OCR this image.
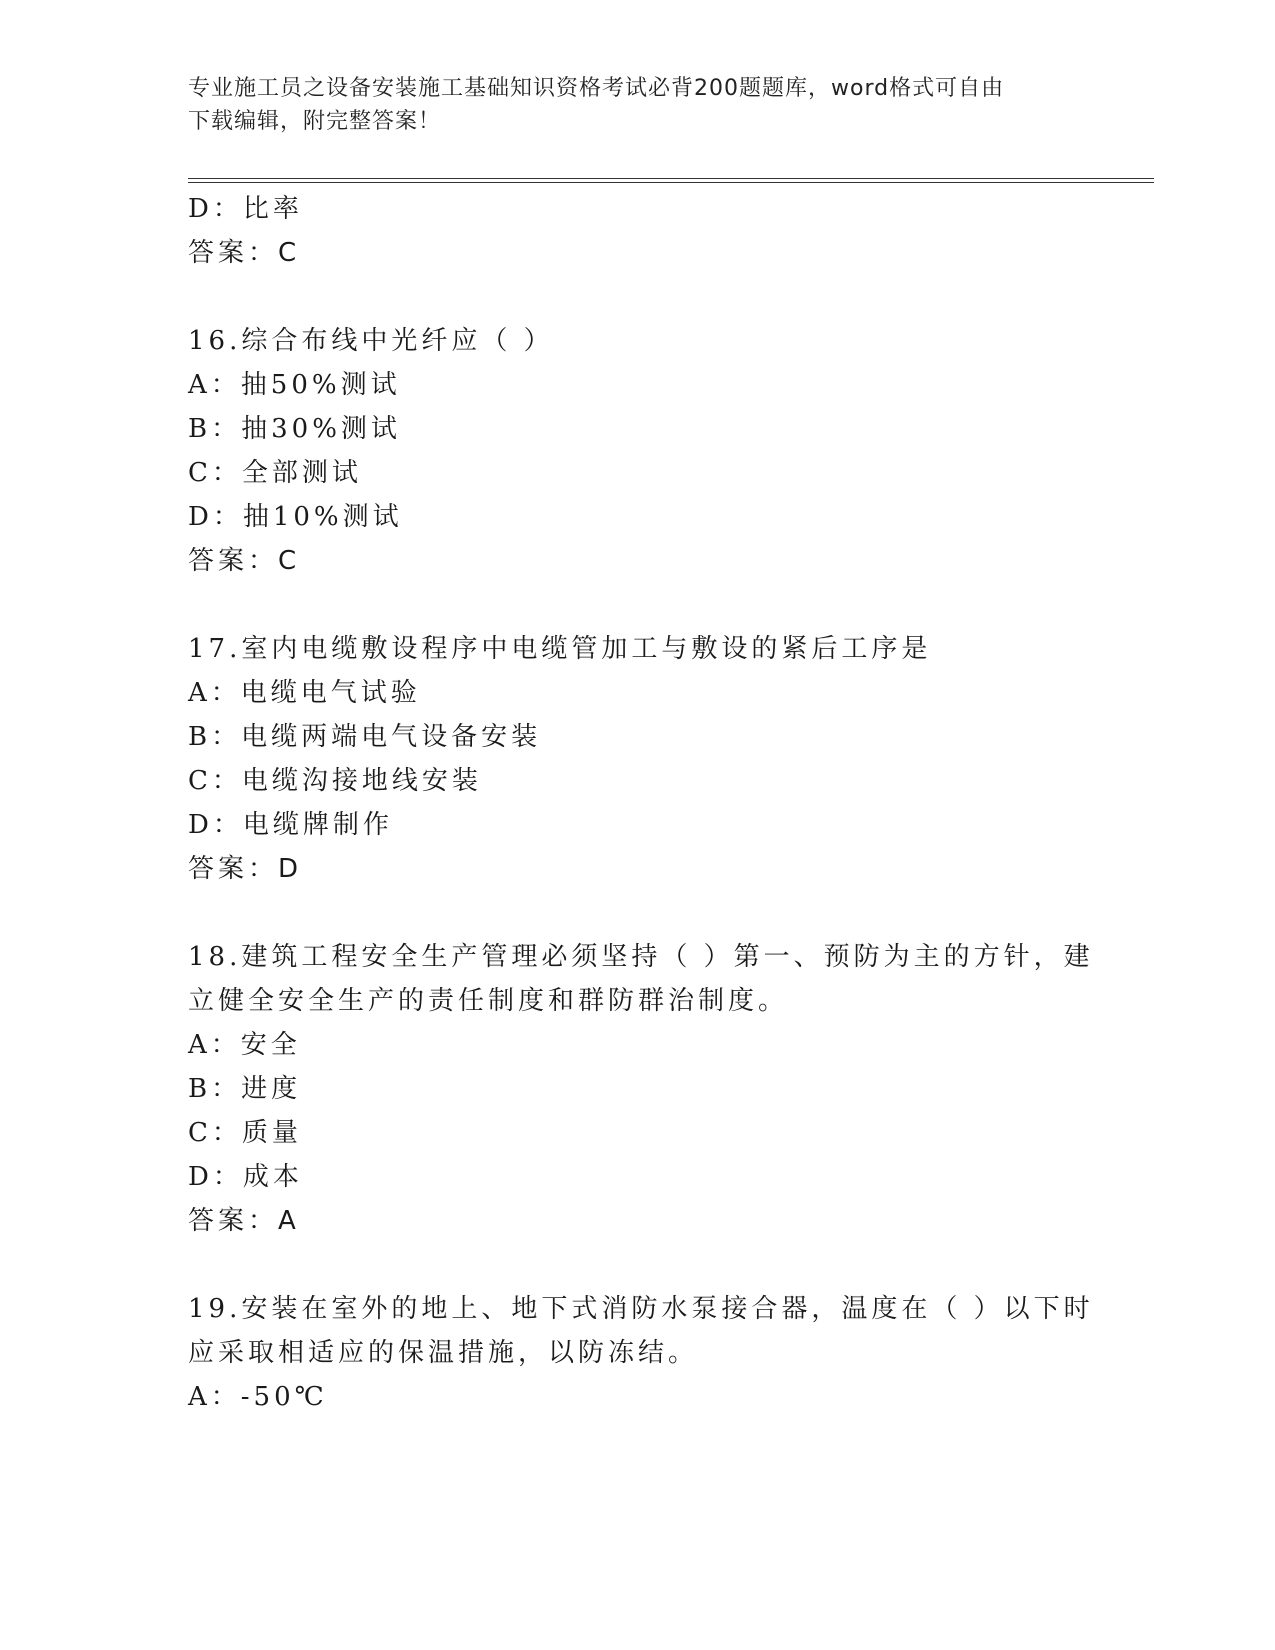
专业施工员之设备安装施工基础知识资格考试必背200题题库，word格式可自由
下载编辑，附完整答案！
D：比率
答案：C
16.综合布线中光纤应（ ）
A：抽50%测试
B：抽30%测试
C：全部测试
D：抽10%测试
答案：C
17.室内电缆敷设程序中电缆管加工与敷设的紧后工序是
A：电缆电气试验
B：电缆两端电气设备安装
C：电缆沟接地线安装
D：电缆牌制作
答案：D
18.建筑工程安全生产管理必须坚持（ ）第一、预防为主的方针，建
立健全安全生产的责任制度和群防群治制度。
A：安全
B：进度
C：质量
D：成本
答案：A
19.安装在室外的地上、地下式消防水泵接合器，温度在（ ）以下时
应采取相适应的保温措施，以防冻结。
A：-50℃
